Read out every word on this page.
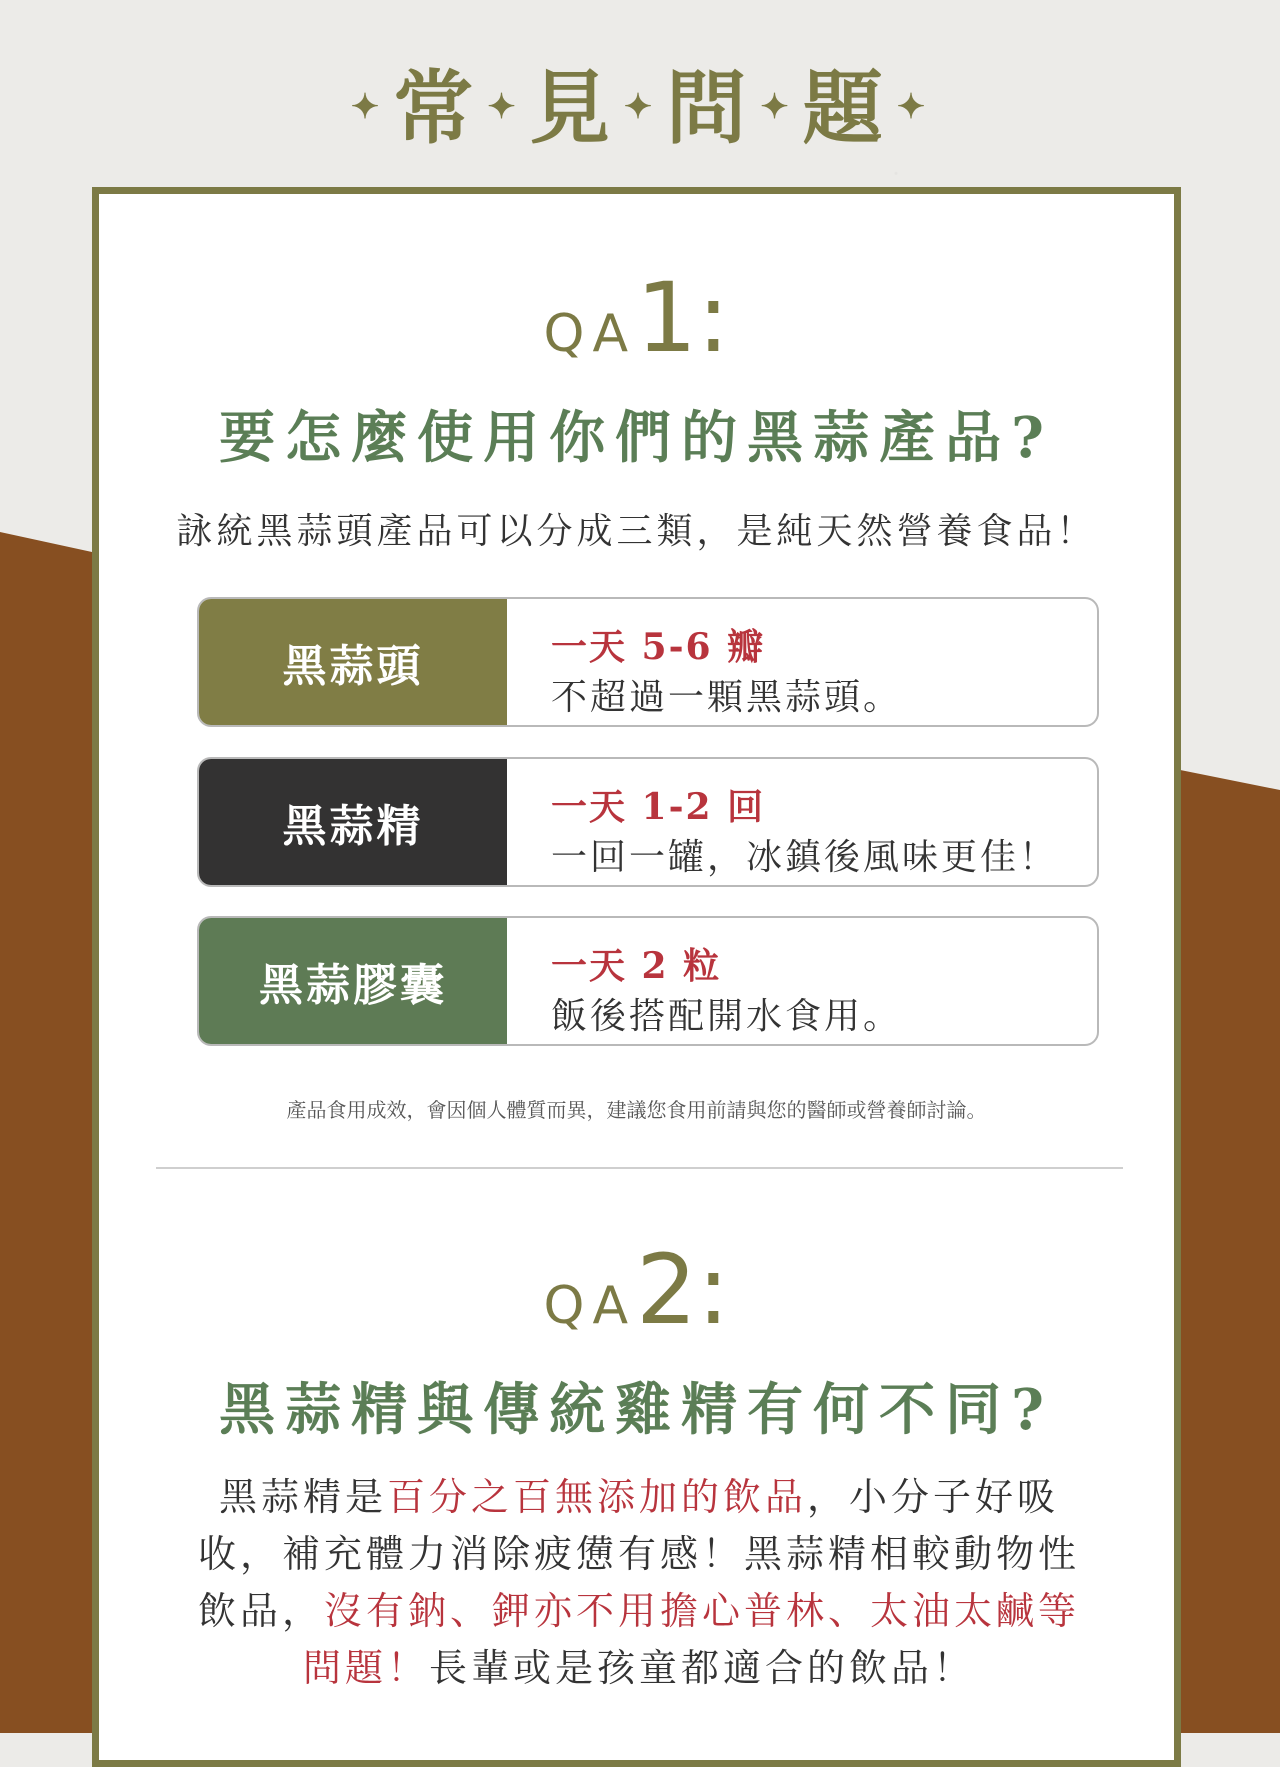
✦ 常 ✦ 見 ✦ 問 ✦ 題 ✦
QA1:
要怎麼使用你們的黑蒜產品?
詠統黑蒜頭產品可以分成三類，是純天然營養食品！
黑蒜頭	一天 5-6 瓣
不超過一顆黑蒜頭。
黑蒜精	一天 1-2 回
一回一罐，冰鎮後風味更佳！
黑蒜膠囊	一天 2 粒
飯後搭配開水食用。
產品食用成效，會因個人體質而異，建議您食用前請與您的醫師或營養師討論。
QA2:
黑蒜精與傳統雞精有何不同?
黑蒜精是百分之百無添加的飲品，小分子好吸收，補充體力消除疲憊有感！黑蒜精相較動物性飲品，沒有鈉、鉀亦不用擔心普林、太油太鹹等問題！長輩或是孩童都適合的飲品！
